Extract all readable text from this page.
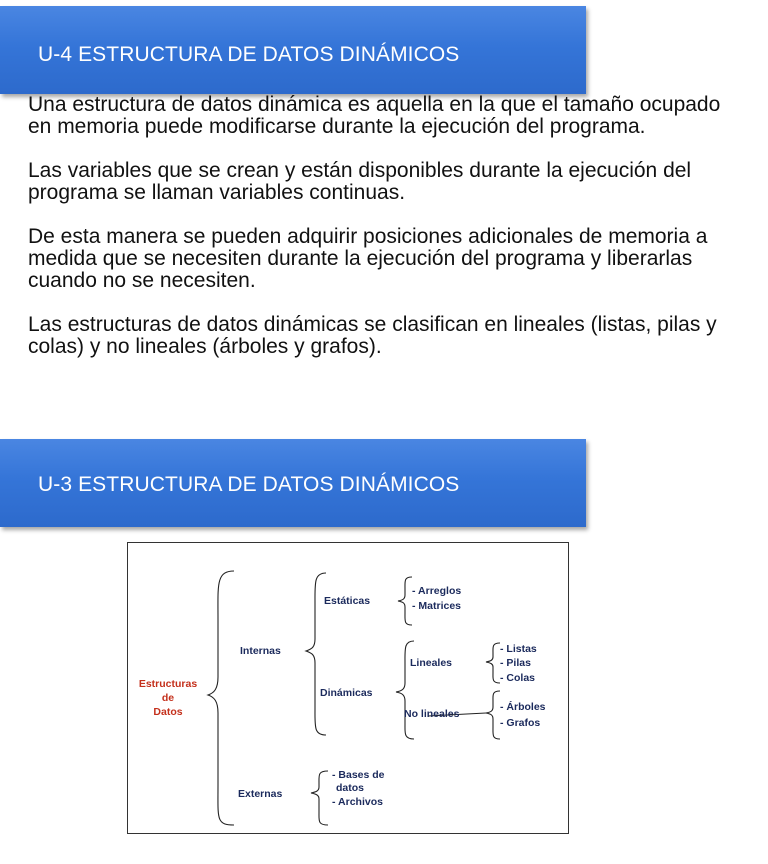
U-4 ESTRUCTURA DE DATOS DINÁMICOS

Una estructura de datos dinámica es aquella en la que el tamaño ocupado en memoria puede modificarse durante la ejecución del programa.

Las variables que se crean y están disponibles durante la ejecución del programa se llaman variables continuas.

De esta manera se pueden adquirir posiciones adicionales de memoria a medida que se necesiten durante la ejecución del programa y liberarlas cuando no se necesiten.

Las estructuras de datos dinámicas se clasifican en lineales (listas, pilas y colas) y no lineales (árboles y grafos).

U-3 ESTRUCTURA DE DATOS DINÁMICOS
Estructuras
de
Datos
Internas
Externas
Estáticas
Dinámicas
Lineales
No lineales
- Arreglos
- Matrices
- Listas
- Pilas
- Colas
- Árboles
- Grafos
- Bases de
datos
- Archivos
